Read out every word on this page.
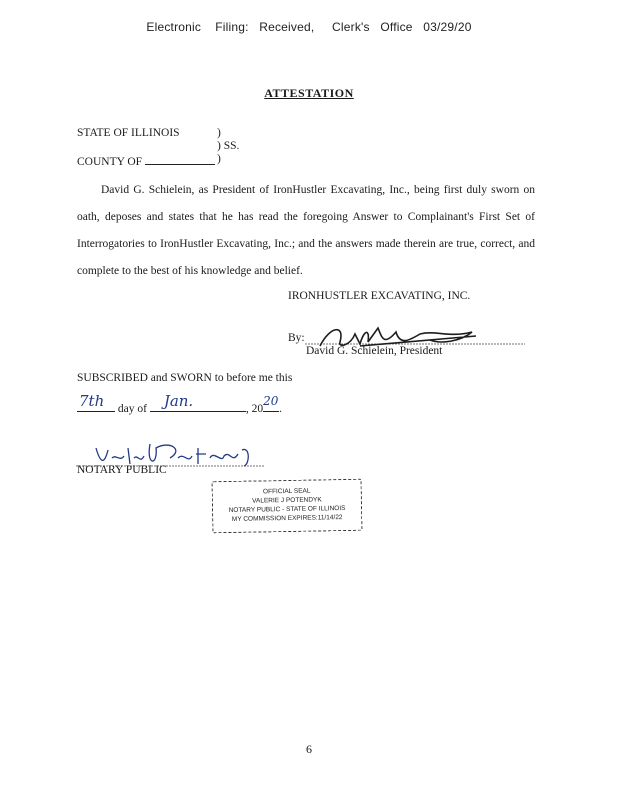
Electronic    Filing:   Received,     Clerk's   Office   03/29/20
ATTESTATION
STATE OF ILLINOIS	)
) SS.
COUNTY OF	)

David G. Schielein, as President of IronHustler Excavating, Inc., being first duly sworn on oath, deposes and states that he has read the foregoing Answer to Complainant's First Set of Interrogatories to IronHustler Excavating, Inc.; and the answers made therein are true, correct, and complete to the best of his knowledge and belief.

IRONHUSTLER EXCAVATING, INC.
By:
David G. Schielein, President
SUBSCRIBED and SWORN to before me this
7th day of Jan.	, 20
20
.
NOTARY PUBLIC
OFFICIAL SEAL
VALERIE J POTENDYK
NOTARY PUBLIC - STATE OF ILLINOIS
MY COMMISSION EXPIRES:11/14/22
6
